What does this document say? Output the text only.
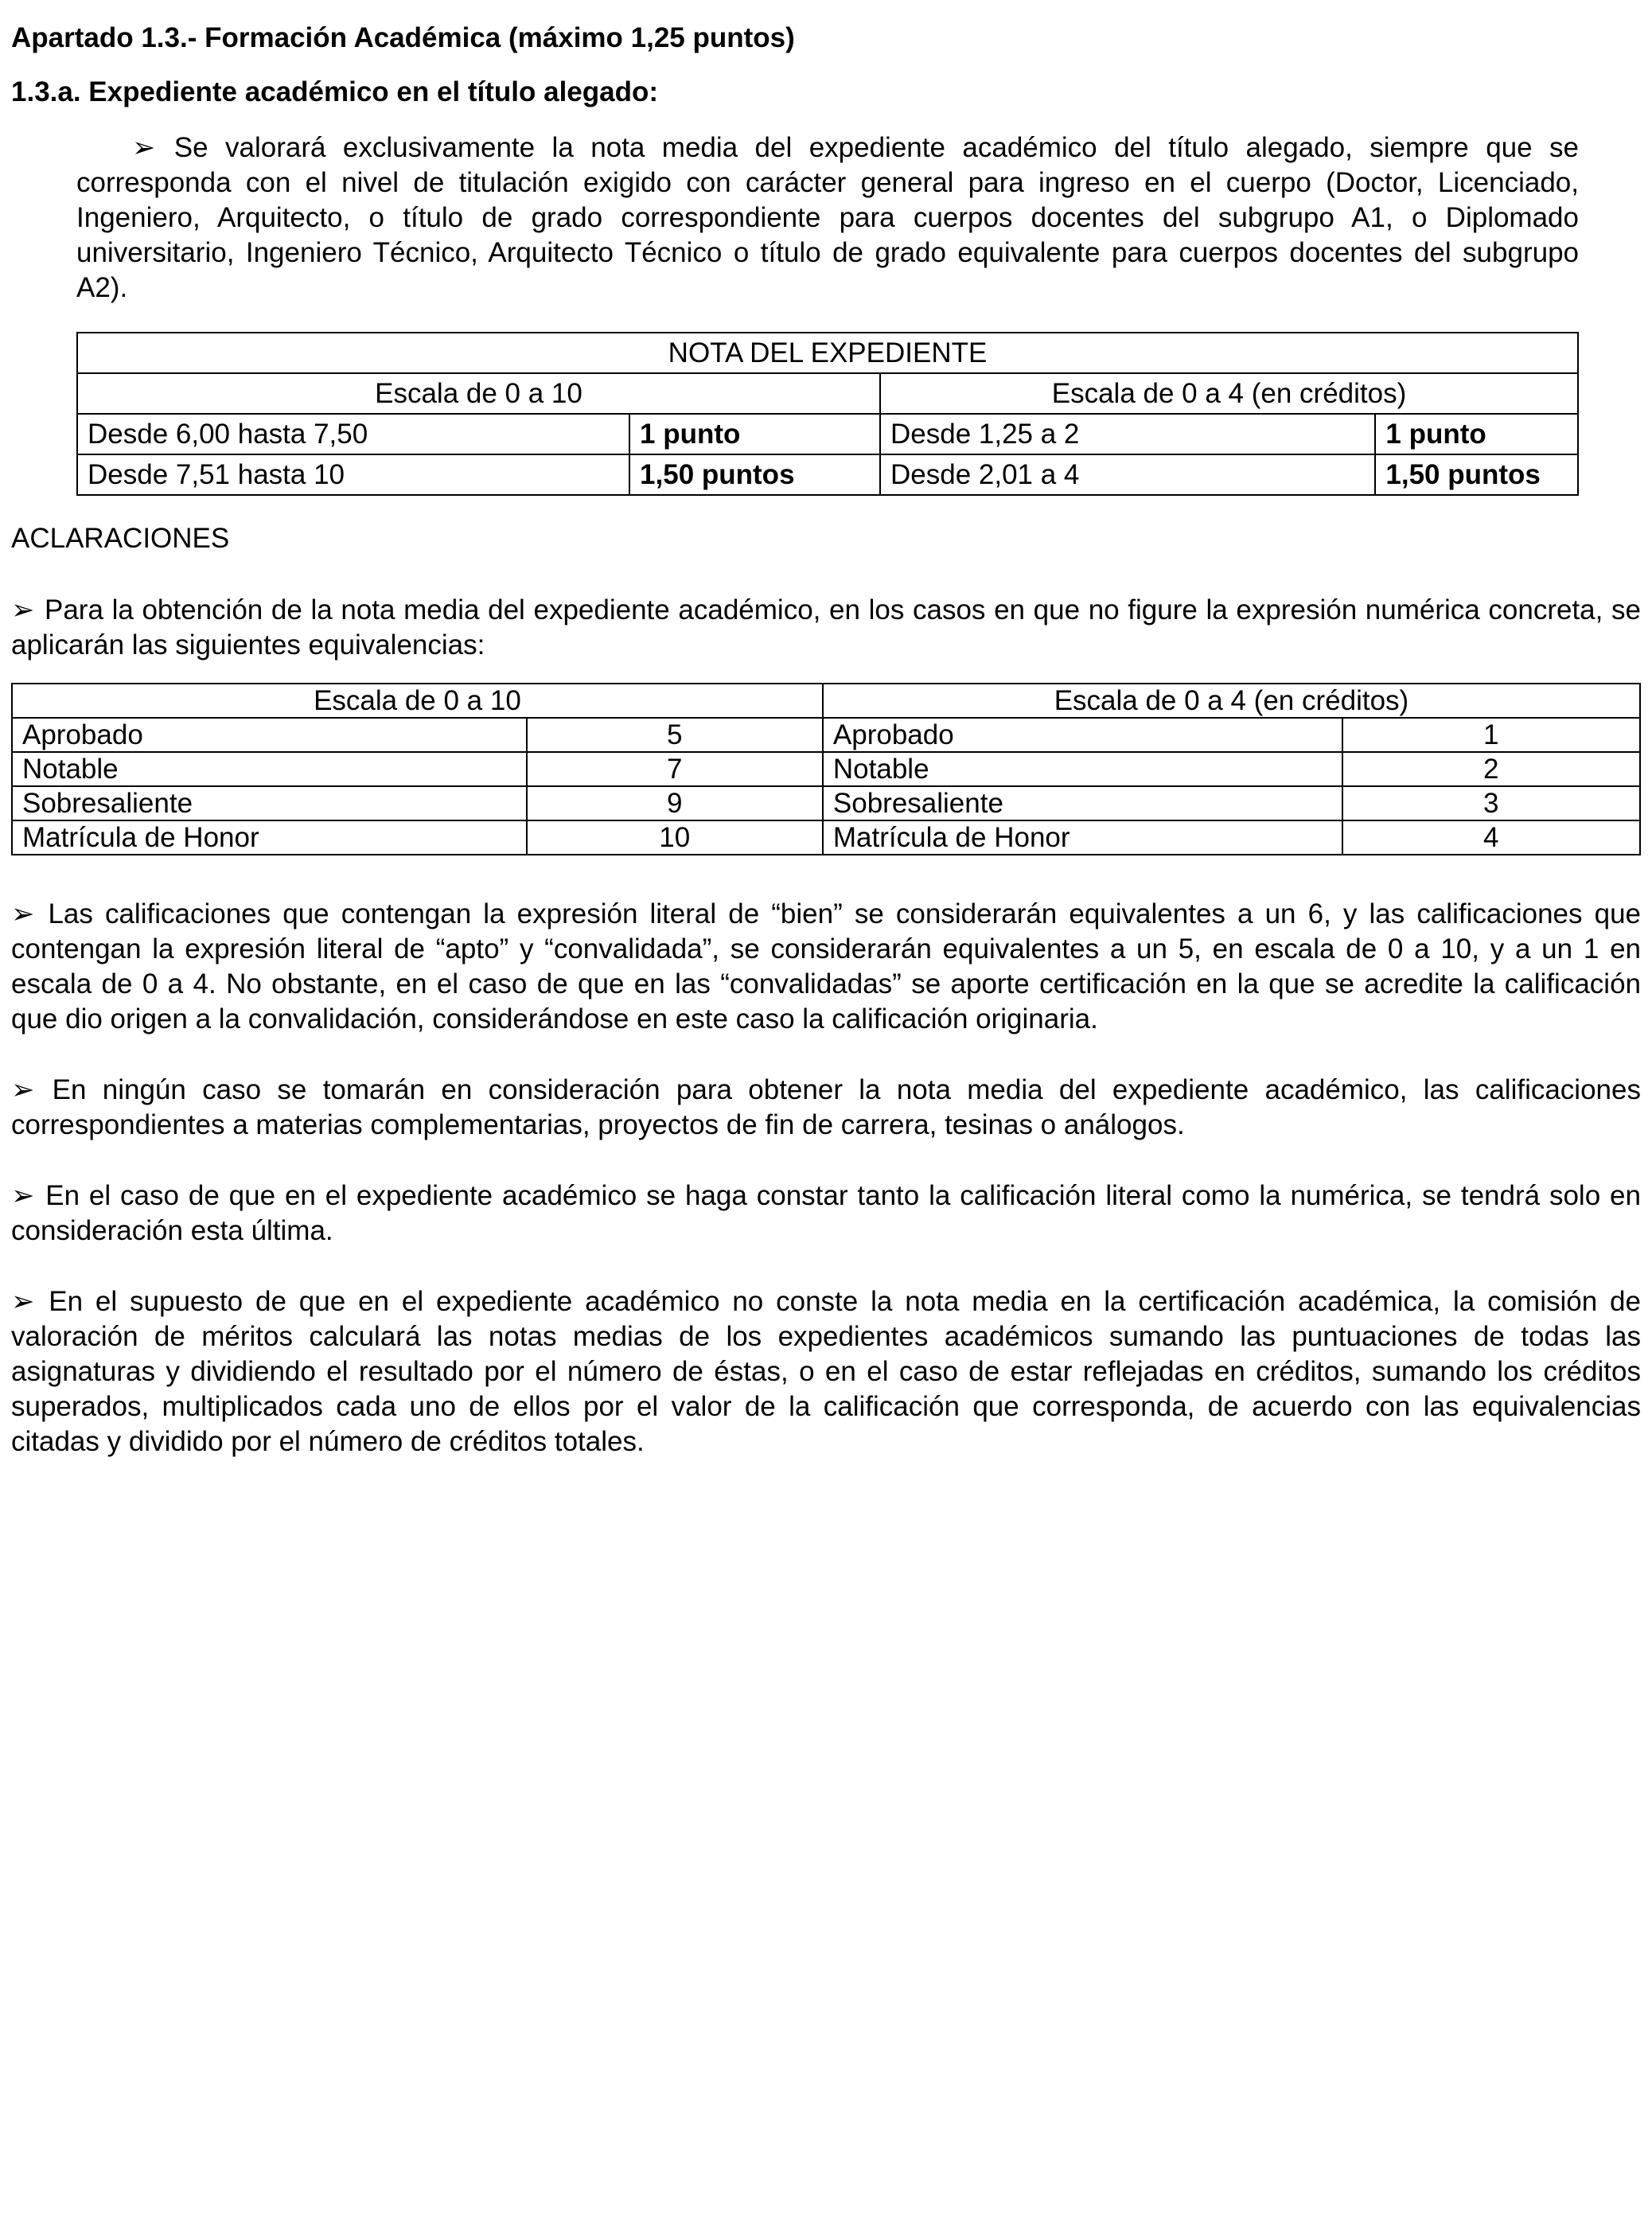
Apartado 1.3.- Formación Académica (máximo 1,25 puntos)
1.3.a. Expediente académico en el título alegado:

➢ Se valorará exclusivamente la nota media del expediente académico del título alegado, siempre que se corresponda con el nivel de titulación exigido con carácter general para ingreso en el cuerpo (Doctor, Licenciado, Ingeniero, Arquitecto, o título de grado correspondiente para cuerpos docentes del subgrupo A1, o Diplomado universitario, Ingeniero Técnico, Arquitecto Técnico o título de grado equivalente para cuerpos docentes del subgrupo A2).

NOTA DEL EXPEDIENTE			
Escala de 0 a 10		Escala de 0 a 4 (en créditos)	
Desde 6,00 hasta 7,50	1 punto	Desde 1,25 a 2	1 punto
Desde 7,51 hasta 10	1,50 puntos	Desde 2,01 a 4	1,50 puntos

ACLARACIONES

➢ Para la obtención de la nota media del expediente académico, en los casos en que no figure la expresión numérica concreta, se aplicarán las siguientes equivalencias:

Escala de 0 a 10		Escala de 0 a 4 (en créditos)	
Aprobado	5	Aprobado	1
Notable	7	Notable	2
Sobresaliente	9	Sobresaliente	3
Matrícula de Honor	10	Matrícula de Honor	4

➢ Las calificaciones que contengan la expresión literal de “bien” se considerarán equivalentes a un 6, y las calificaciones que contengan la expresión literal de “apto” y “convalidada”, se considerarán equivalentes a un 5, en escala de 0 a 10, y a un 1 en escala de 0 a 4. No obstante, en el caso de que en las “convalidadas” se aporte certificación en la que se acredite la calificación que dio origen a la convalidación, considerándose en este caso la calificación originaria.

➢ En ningún caso se tomarán en consideración para obtener la nota media del expediente académico, las calificaciones correspondientes a materias complementarias, proyectos de fin de carrera, tesinas o análogos.

➢ En el caso de que en el expediente académico se haga constar tanto la calificación literal como la numérica, se tendrá solo en consideración esta última.

➢ En el supuesto de que en el expediente académico no conste la nota media en la certificación académica, la comisión de valoración de méritos calculará las notas medias de los expedientes académicos sumando las puntuaciones de todas las asignaturas y dividiendo el resultado por el número de éstas, o en el caso de estar reflejadas en créditos, sumando los créditos superados, multiplicados cada uno de ellos por el valor de la calificación que corresponda, de acuerdo con las equivalencias citadas y dividido por el número de créditos totales.
